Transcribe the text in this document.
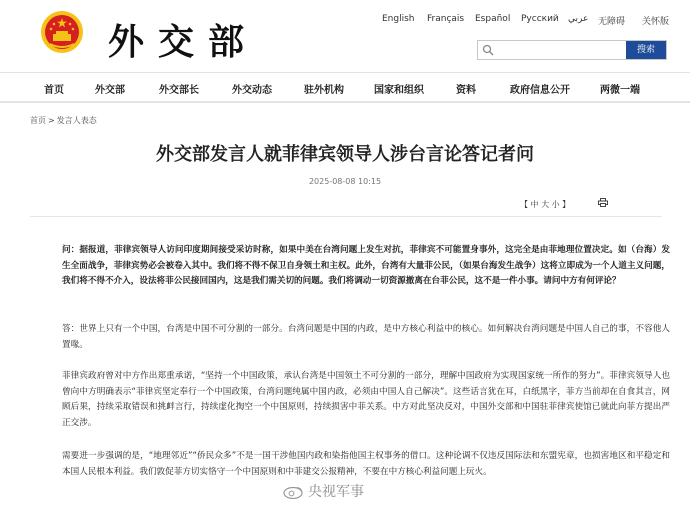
外交部
English Français Español Русский عربي 无障碍 关怀版
搜索
首页	外交部	外交部长	外交动态	驻外机构	国家和组织	资料	政府信息公开	两微一端
首页 > 发言人表态
外交部发言人就菲律宾领导人涉台言论答记者问
2025-08-08 10:15
【 中 大 小 】

问：据报道，菲律宾领导人访问印度期间接受采访时称，如果中美在台湾问题上发生对抗，菲律宾不可能置身事外，这完全是由菲地理位置决定。如（台海）发生全面战争，菲律宾势必会被卷入其中。我们将不得不保卫自身领土和主权。此外，台湾有大量菲公民，（如果台海发生战争）这将立即成为一个人道主义问题，我们将不得不介入，设法将菲公民接回国内，这是我们需关切的问题。我们将调动一切资源撤离在台菲公民，这不是一件小事。请问中方有何评论？

答：世界上只有一个中国，台湾是中国不可分割的一部分。台湾问题是中国的内政，是中方核心利益中的核心。如何解决台湾问题是中国人自己的事，不容他人置喙。

菲律宾政府曾对中方作出郑重承诺，“坚持一个中国政策，承认台湾是中国领土不可分割的一部分，理解中国政府为实现国家统一所作的努力”。菲律宾领导人也曾向中方明确表示“菲律宾坚定奉行一个中国政策，台湾问题纯属中国内政，必须由中国人自己解决”。这些话言犹在耳，白纸黑字，菲方当前却在自食其言，网顾后果，持续采取错误和挑衅言行，持续虚化掏空一个中国原则，持续损害中菲关系。中方对此坚决反对，中国外交部和中国驻菲律宾使馆已就此向菲方提出严正交涉。

需要进一步强调的是，“地理邻近”“侨民众多”不是一国干涉他国内政和染指他国主权事务的借口。这种论调不仅违反国际法和东盟宪章，也损害地区和平稳定和本国人民根本利益。我们敦促菲方切实恪守一个中国原则和中菲建交公报精神，不要在中方核心利益问题上玩火。

央视军事
